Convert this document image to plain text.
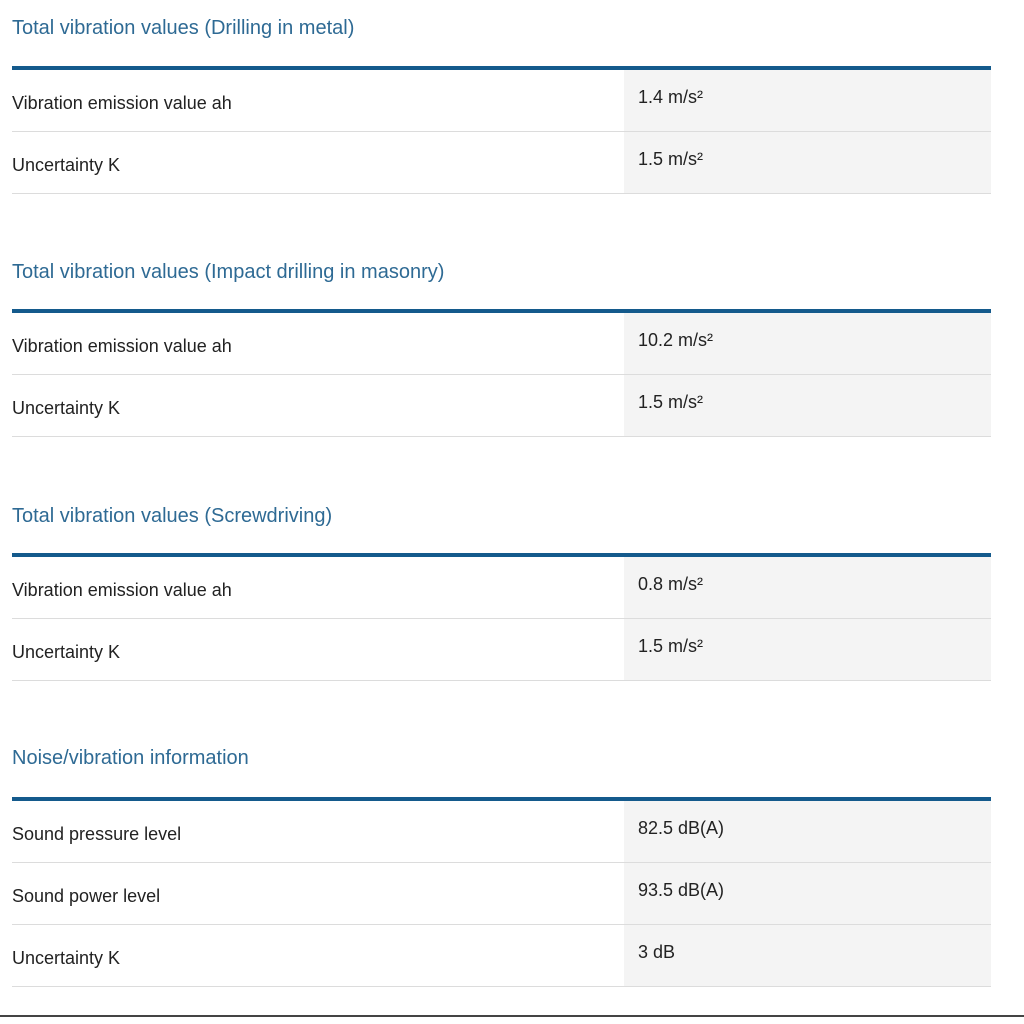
Total vibration values (Drilling in metal)
Vibration emission value ah	1.4 m/s²
Uncertainty K	1.5 m/s²
Total vibration values (Impact drilling in masonry)
Vibration emission value ah	10.2 m/s²
Uncertainty K	1.5 m/s²
Total vibration values (Screwdriving)
Vibration emission value ah	0.8 m/s²
Uncertainty K	1.5 m/s²
Noise/vibration information
Sound pressure level	82.5 dB(A)
Sound power level	93.5 dB(A)
Uncertainty K	3 dB
